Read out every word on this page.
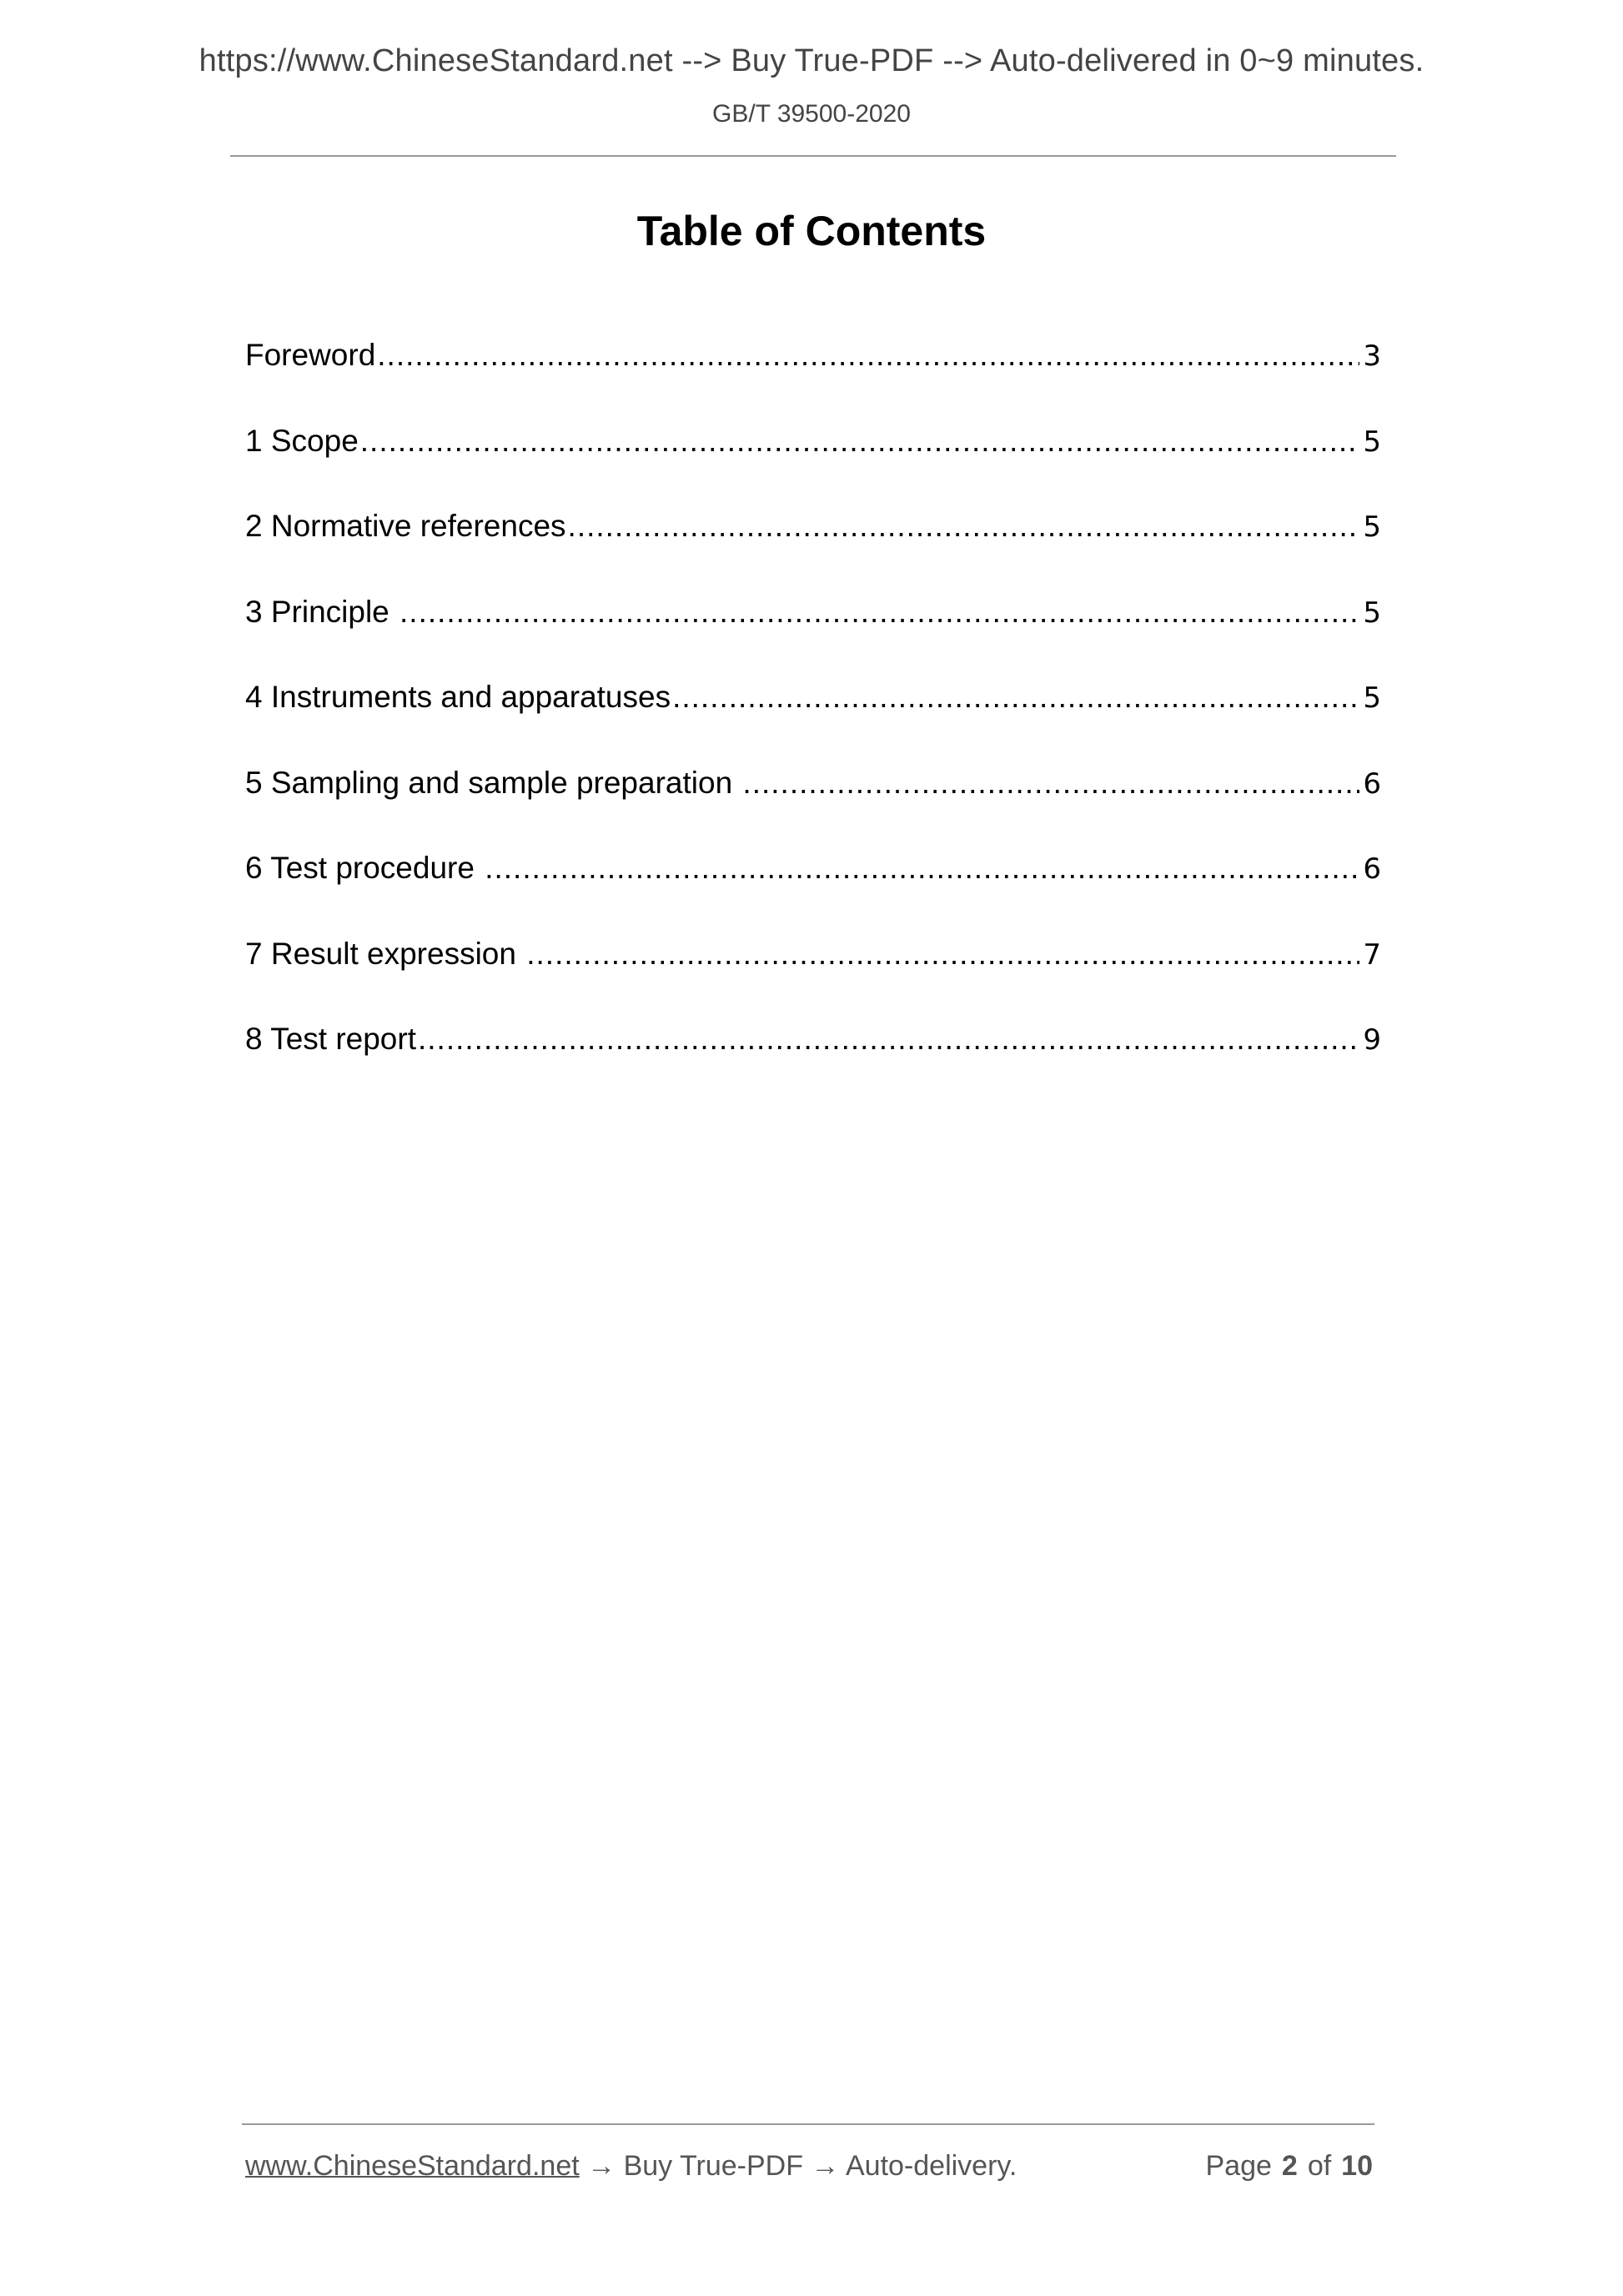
https://www.ChineseStandard.net --> Buy True-PDF --> Auto-delivered in 0~9 minutes.
GB/T 39500-2020
Table of Contents
Foreword .....	3
1 Scope .....	5
2 Normative references .....	5
3 Principle .....	5
4 Instruments and apparatuses .....	5
5 Sampling and sample preparation .....	6
6 Test procedure .....	6
7 Result expression .....	7
8 Test report .....	9
www.ChineseStandard.net → Buy True-PDF → Auto-delivery.	Page 2 of 10
